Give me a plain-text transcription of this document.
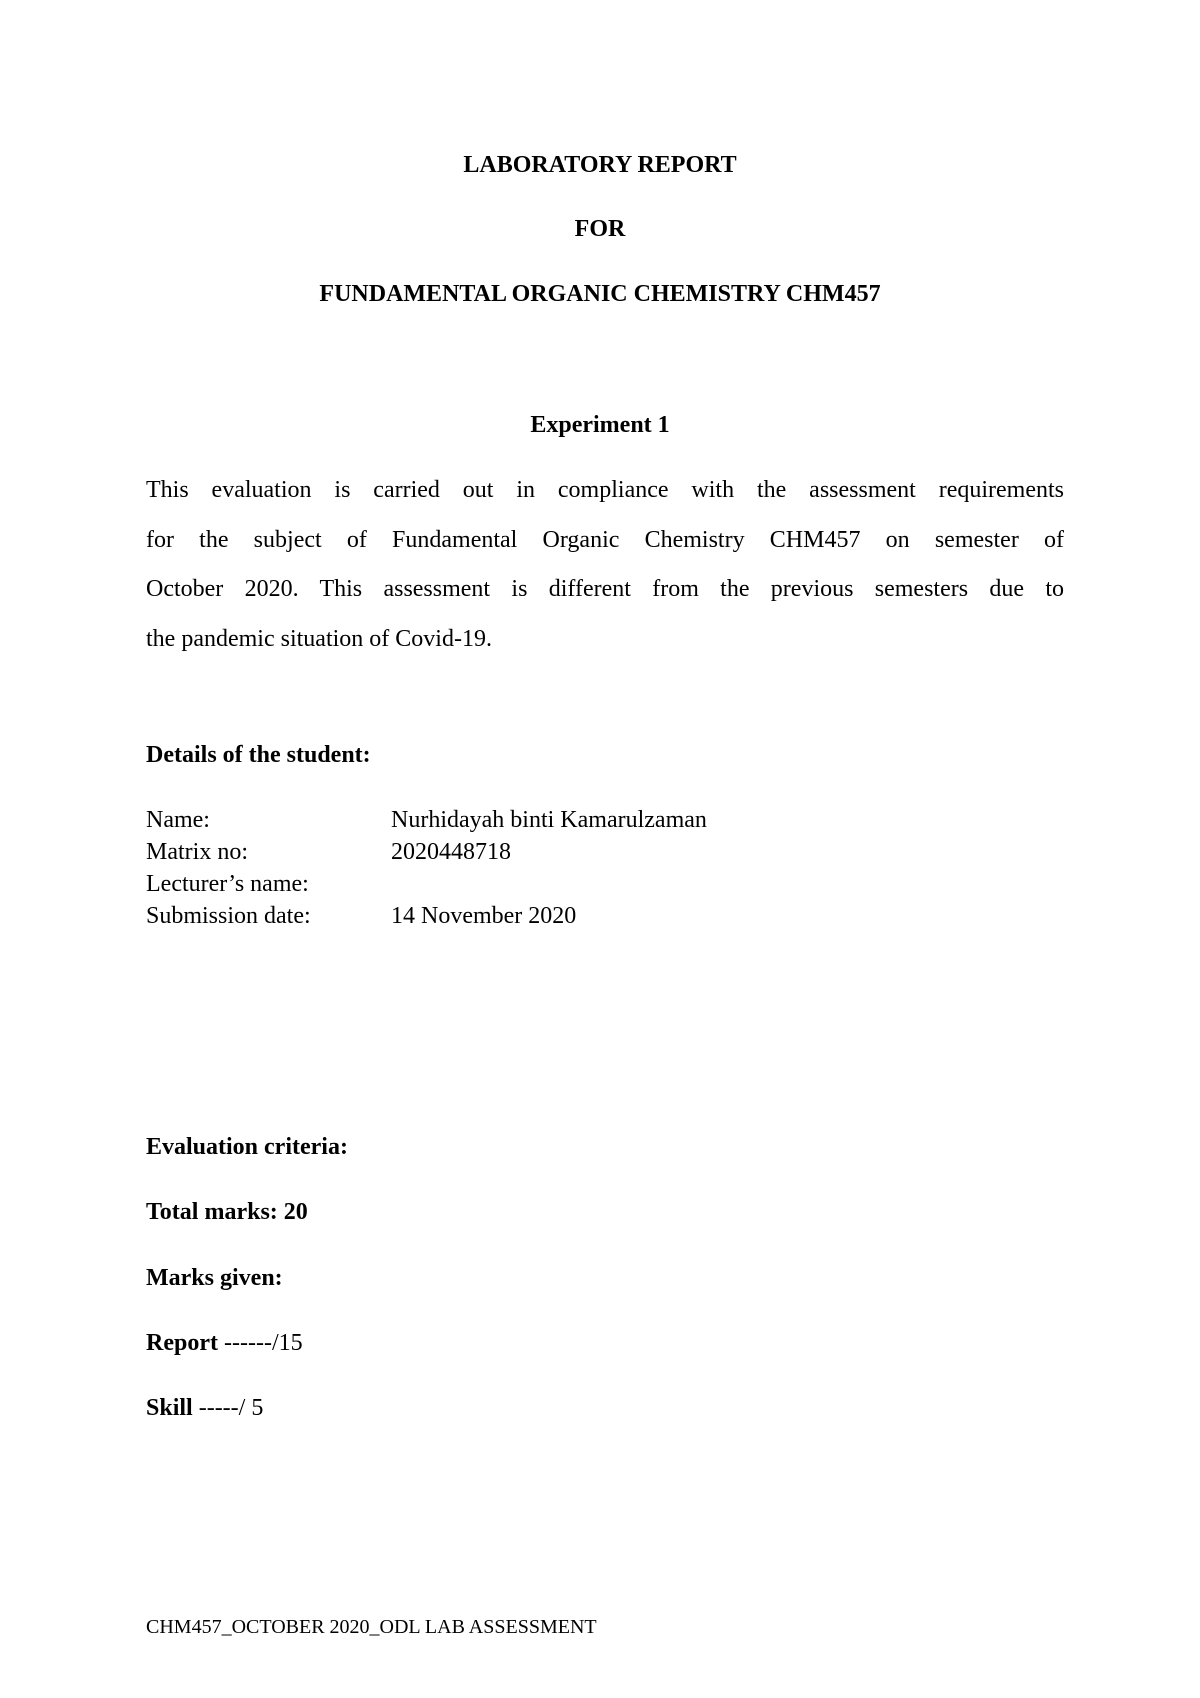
LABORATORY REPORT
FOR
FUNDAMENTAL ORGANIC CHEMISTRY CHM457
Experiment 1
This evaluation is carried out in compliance with the assessment requirements
for the subject of Fundamental Organic Chemistry CHM457 on semester of
October 2020. This assessment is different from the previous semesters due to
the pandemic situation of Covid-19.
Details of the student:
Name:	Nurhidayah binti Kamarulzaman
Matrix no:	2020448718
Lecturer’s name:
Submission date:	14 November 2020
Evaluation criteria:
Total marks: 20
Marks given:
Report ------/15
Skill -----/ 5
CHM457_OCTOBER 2020_ODL LAB ASSESSMENT
